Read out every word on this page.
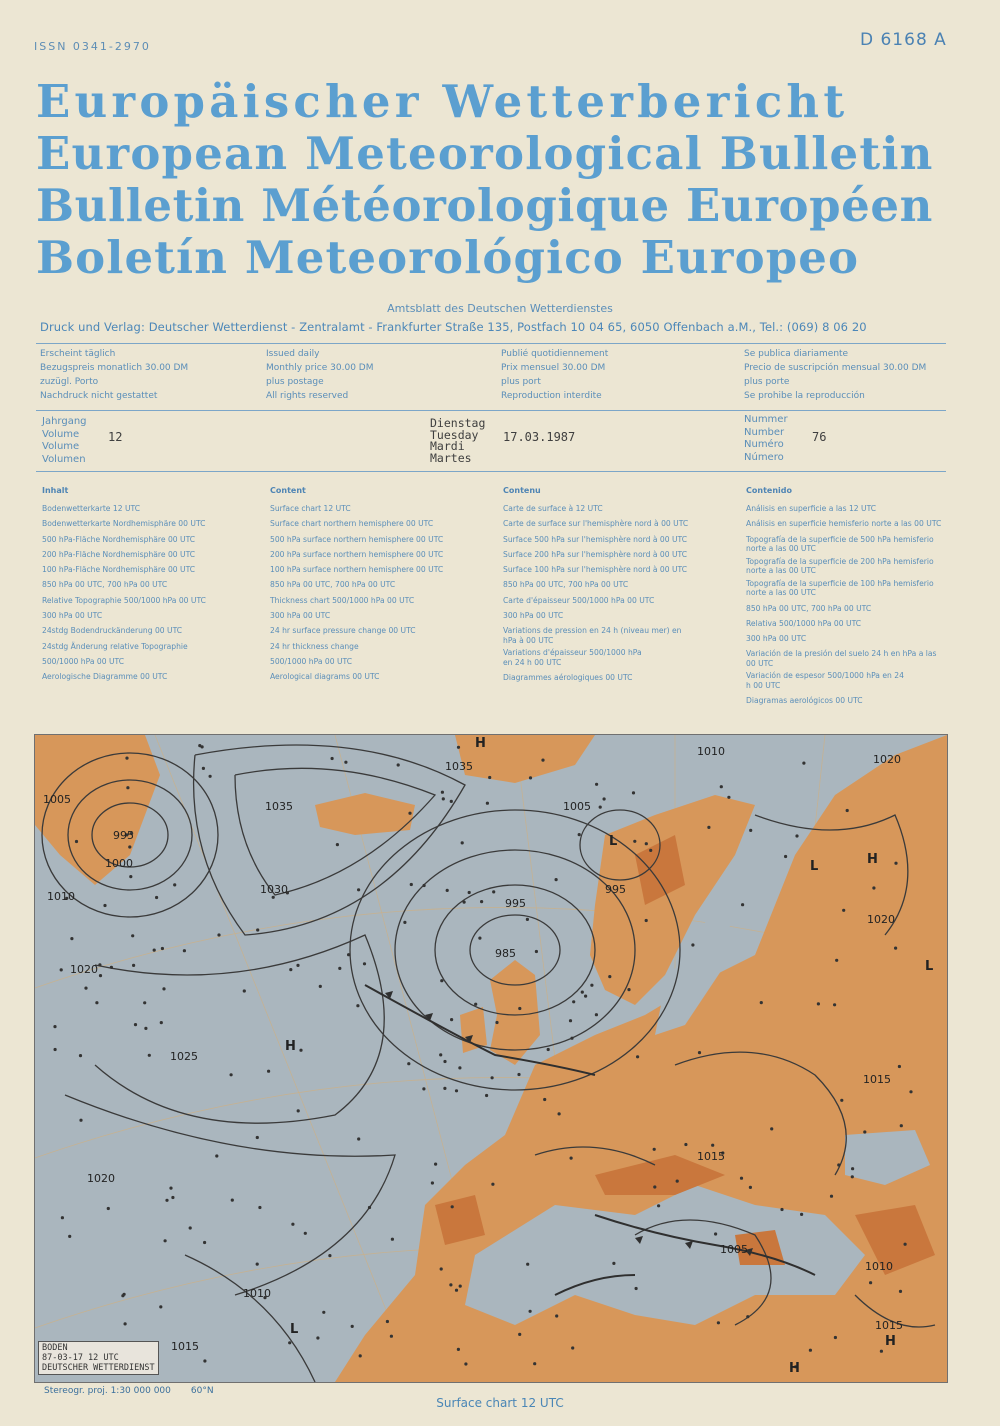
ISSN 0341-2970	D 6168 A
Europäischer Wetterbericht
European Meteorological Bulletin
Bulletin Météorologique Européen
Boletín Meteorológico Europeo
Amtsblatt des Deutschen Wetterdienstes
Druck und Verlag: Deutscher Wetterdienst - Zentralamt - Frankfurter Straße 135, Postfach 10 04 65, 6050 Offenbach a.M., Tel.: (069) 8 06 20
Erscheint täglich
Bezugspreis monatlich 30.00 DM
zuzügl. Porto
Nachdruck nicht gestattet
Issued daily
Monthly price 30.00 DM
plus postage
All rights reserved
Publié quotidiennement
Prix mensuel 30.00 DM
plus port
Reproduction interdite
Se publica diariamente
Precio de suscripción mensual 30.00 DM
plus porte
Se prohibe la reproducción
Jahrgang
Volume
Volume
Volumen
12
Dienstag
Tuesday
Mardi
Martes
17.03.1987
Nummer
Number
Numéro
Número
76
Inhalt
Bodenwetterkarte 12 UTC
Bodenwetterkarte Nordhemisphäre 00 UTC
500 hPa-Fläche Nordhemisphäre 00 UTC
200 hPa-Fläche Nordhemisphäre 00 UTC
100 hPa-Fläche Nordhemisphäre 00 UTC
850 hPa 00 UTC, 700 hPa 00 UTC
Relative Topographie 500/1000 hPa 00 UTC
300 hPa 00 UTC
24stdg Bodendruckänderung 00 UTC
24stdg Änderung relative Topographie
500/1000 hPa 00 UTC
Aerologische Diagramme 00 UTC
Content
Surface chart 12 UTC
Surface chart northern hemisphere 00 UTC
500 hPa surface northern hemisphere 00 UTC
200 hPa surface northern hemisphere 00 UTC
100 hPa surface northern hemisphere 00 UTC
850 hPa 00 UTC, 700 hPa 00 UTC
Thickness chart 500/1000 hPa 00 UTC
300 hPa 00 UTC
24 hr surface pressure change 00 UTC
24 hr thickness change
500/1000 hPa 00 UTC
Aerological diagrams 00 UTC
Contenu
Carte de surface à 12 UTC
Carte de surface sur l'hemisphère nord à 00 UTC
Surface 500 hPa sur l'hemisphère nord à 00 UTC
Surface 200 hPa sur l'hemisphère nord à 00 UTC
Surface 100 hPa sur l'hemisphère nord à 00 UTC
850 hPa 00 UTC, 700 hPa 00 UTC
Carte d'épaisseur 500/1000 hPa 00 UTC
300 hPa 00 UTC
Variations de pression en 24 h (niveau mer) en hPa à 00 UTC
Variations d'épaisseur 500/1000 hPa en 24 h 00 UTC
Diagrammes aérologiques 00 UTC
Contenido
Análisis en superficie a las 12 UTC
Análisis en superficie hemisferio norte a las 00 UTC
Topografía de la superficie de 500 hPa hemisferio norte a las 00 UTC
Topografía de la superficie de 200 hPa hemisferio norte a las 00 UTC
Topografía de la superficie de 100 hPa hemisferio norte a las 00 UTC
850 hPa 00 UTC, 700 hPa 00 UTC
Relativa 500/1000 hPa 00 UTC
300 hPa 00 UTC
Variación de la presión del suelo 24 h en hPa a las 00 UTC
Variación de espesor 500/1000 hPa en 24 h 00 UTC
Diagramas aerológicos 00 UTC
1005
995
1000
1010
1035
1030
1025
1020
985
995
1005
1020
1010
1015
1020
1015
1005
1010
1015
1015
1020
1035
1010
995
H
H
L
L	H
L
H
L
H
BODEN
87-03-17 12 UTC
DEUTSCHER WETTERDIENST
Stereogr. proj. 1:30 000 000 60°N
Surface chart 12 UTC
